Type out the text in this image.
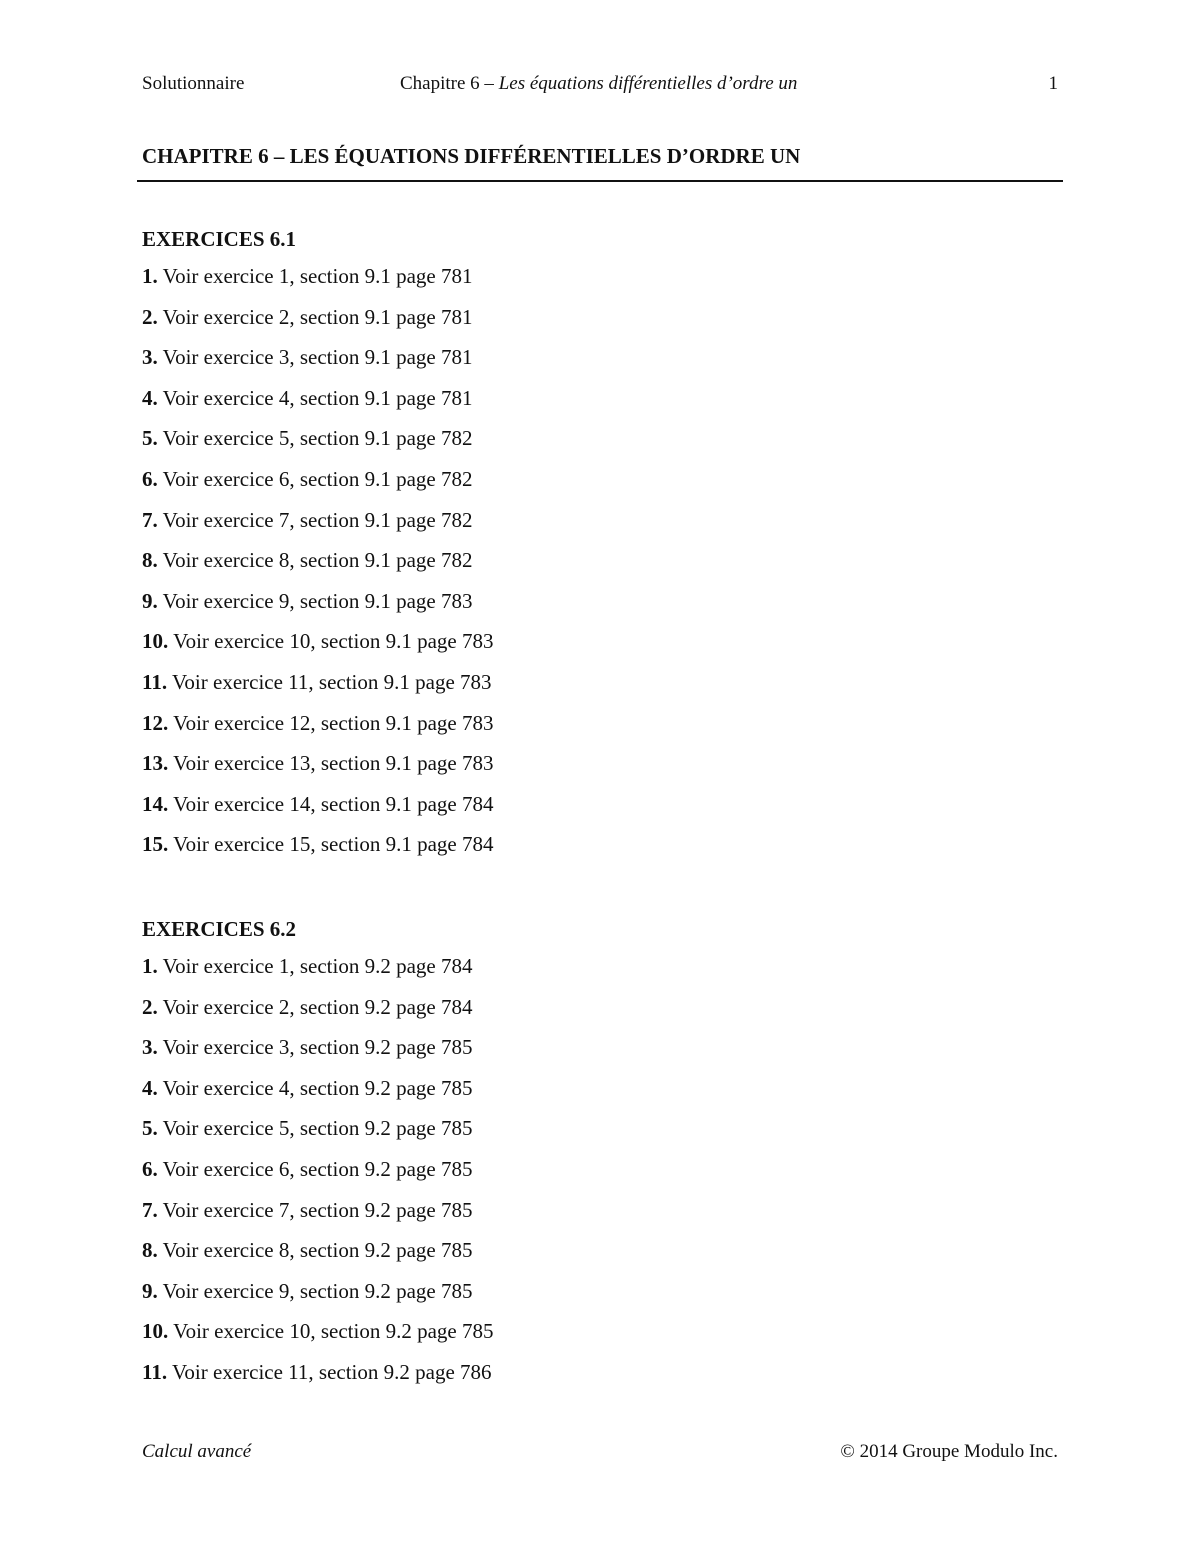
Solutionnaire	Chapitre 6 – Les équations différentielles d’ordre un	1
CHAPITRE 6 – LES ÉQUATIONS DIFFÉRENTIELLES D’ORDRE UN
EXERCICES 6.1
1. Voir exercice 1, section 9.1 page 781
2. Voir exercice 2, section 9.1 page 781
3. Voir exercice 3, section 9.1 page 781
4. Voir exercice 4, section 9.1 page 781
5. Voir exercice 5, section 9.1 page 782
6. Voir exercice 6, section 9.1 page 782
7. Voir exercice 7, section 9.1 page 782
8. Voir exercice 8, section 9.1 page 782
9. Voir exercice 9, section 9.1 page 783
10. Voir exercice 10, section 9.1 page 783
11. Voir exercice 11, section 9.1 page 783
12. Voir exercice 12, section 9.1 page 783
13. Voir exercice 13, section 9.1 page 783
14. Voir exercice 14, section 9.1 page 784
15. Voir exercice 15, section 9.1 page 784
EXERCICES 6.2
1. Voir exercice 1, section 9.2 page 784
2. Voir exercice 2, section 9.2 page 784
3. Voir exercice 3, section 9.2 page 785
4. Voir exercice 4, section 9.2 page 785
5. Voir exercice 5, section 9.2 page 785
6. Voir exercice 6, section 9.2 page 785
7. Voir exercice 7, section 9.2 page 785
8. Voir exercice 8, section 9.2 page 785
9. Voir exercice 9, section 9.2 page 785
10. Voir exercice 10, section 9.2 page 785
11. Voir exercice 11, section 9.2 page 786
Calcul avancé	© 2014 Groupe Modulo Inc.
